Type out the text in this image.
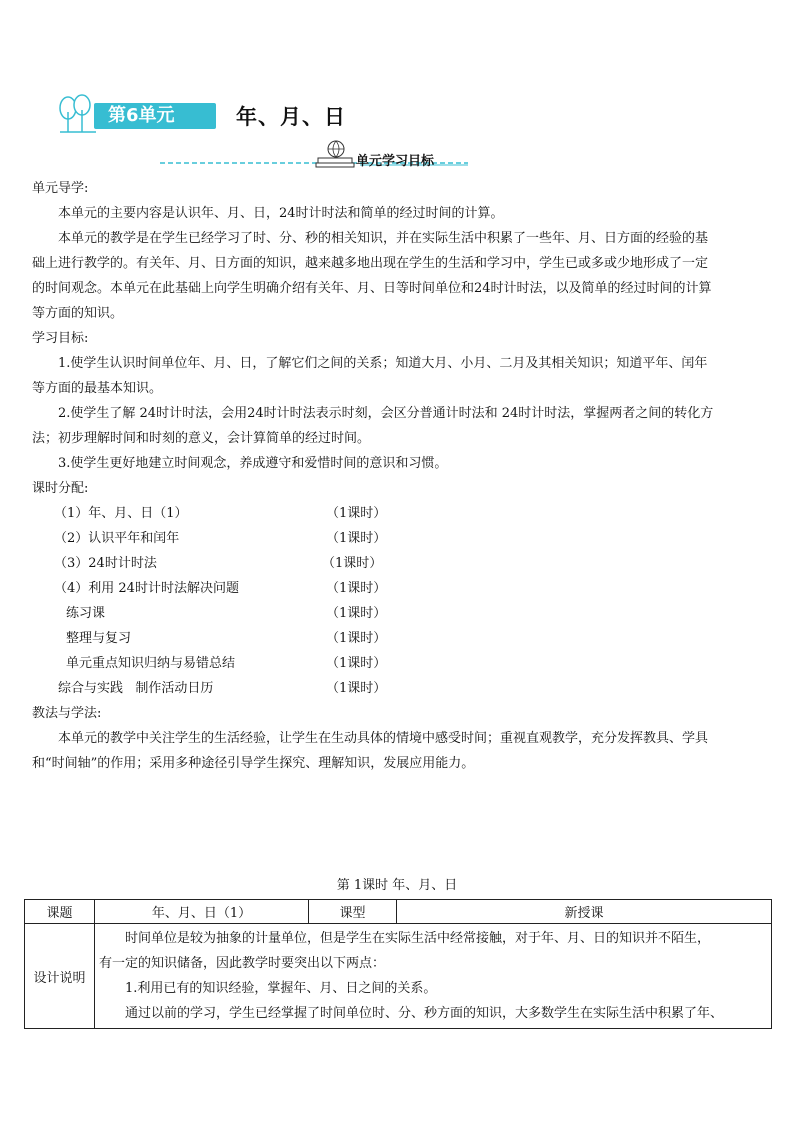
第6单元	年、月、日
单元学习目标
单元导学:
本单元的主要内容是认识年、月、日，24时计时法和简单的经过时间的计算。
本单元的教学是在学生已经学习了时、分、秒的相关知识，并在实际生活中积累了一些年、月、日方面的经验的基
础上进行教学的。有关年、月、日方面的知识，越来越多地出现在学生的生活和学习中，学生已或多或少地形成了一定
的时间观念。本单元在此基础上向学生明确介绍有关年、月、日等时间单位和24时计时法，以及简单的经过时间的计算
等方面的知识。
学习目标:
1.使学生认识时间单位年、月、日，了解它们之间的关系；知道大月、小月、二月及其相关知识；知道平年、闰年
等方面的最基本知识。
2.使学生了解 24时计时法，会用24时计时法表示时刻，会区分普通计时法和 24时计时法，掌握两者之间的转化方
法；初步理解时间和时刻的意义，会计算简单的经过时间。
3.使学生更好地建立时间观念，养成遵守和爱惜时间的意识和习惯。
课时分配:
（1）年、月、日（1）	（1课时）
（2）认识平年和闰年	（1课时）
（3）24时计时法	（1课时）
（4）利用 24时计时法解决问题	（1课时）
练习课	（1课时）
整理与复习	（1课时）
单元重点知识归纳与易错总结	（1课时）
综合与实践   制作活动日历	（1课时）
教法与学法:
本单元的教学中关注学生的生活经验，让学生在生动具体的情境中感受时间；重视直观教学，充分发挥教具、学具
和“时间轴”的作用；采用多种途径引导学生探究、理解知识，发展应用能力。
第 1课时 年、月、日
课题	年、月、日（1）	课型	新授课
设计说明	时间单位是较为抽象的计量单位，但是学生在实际生活中经常接触，对于年、月、日的知识并不陌生，
有一定的知识储备，因此教学时要突出以下两点：
1.利用已有的知识经验，掌握年、月、日之间的关系。
通过以前的学习，学生已经掌握了时间单位时、分、秒方面的知识，大多数学生在实际生活中积累了年、		
